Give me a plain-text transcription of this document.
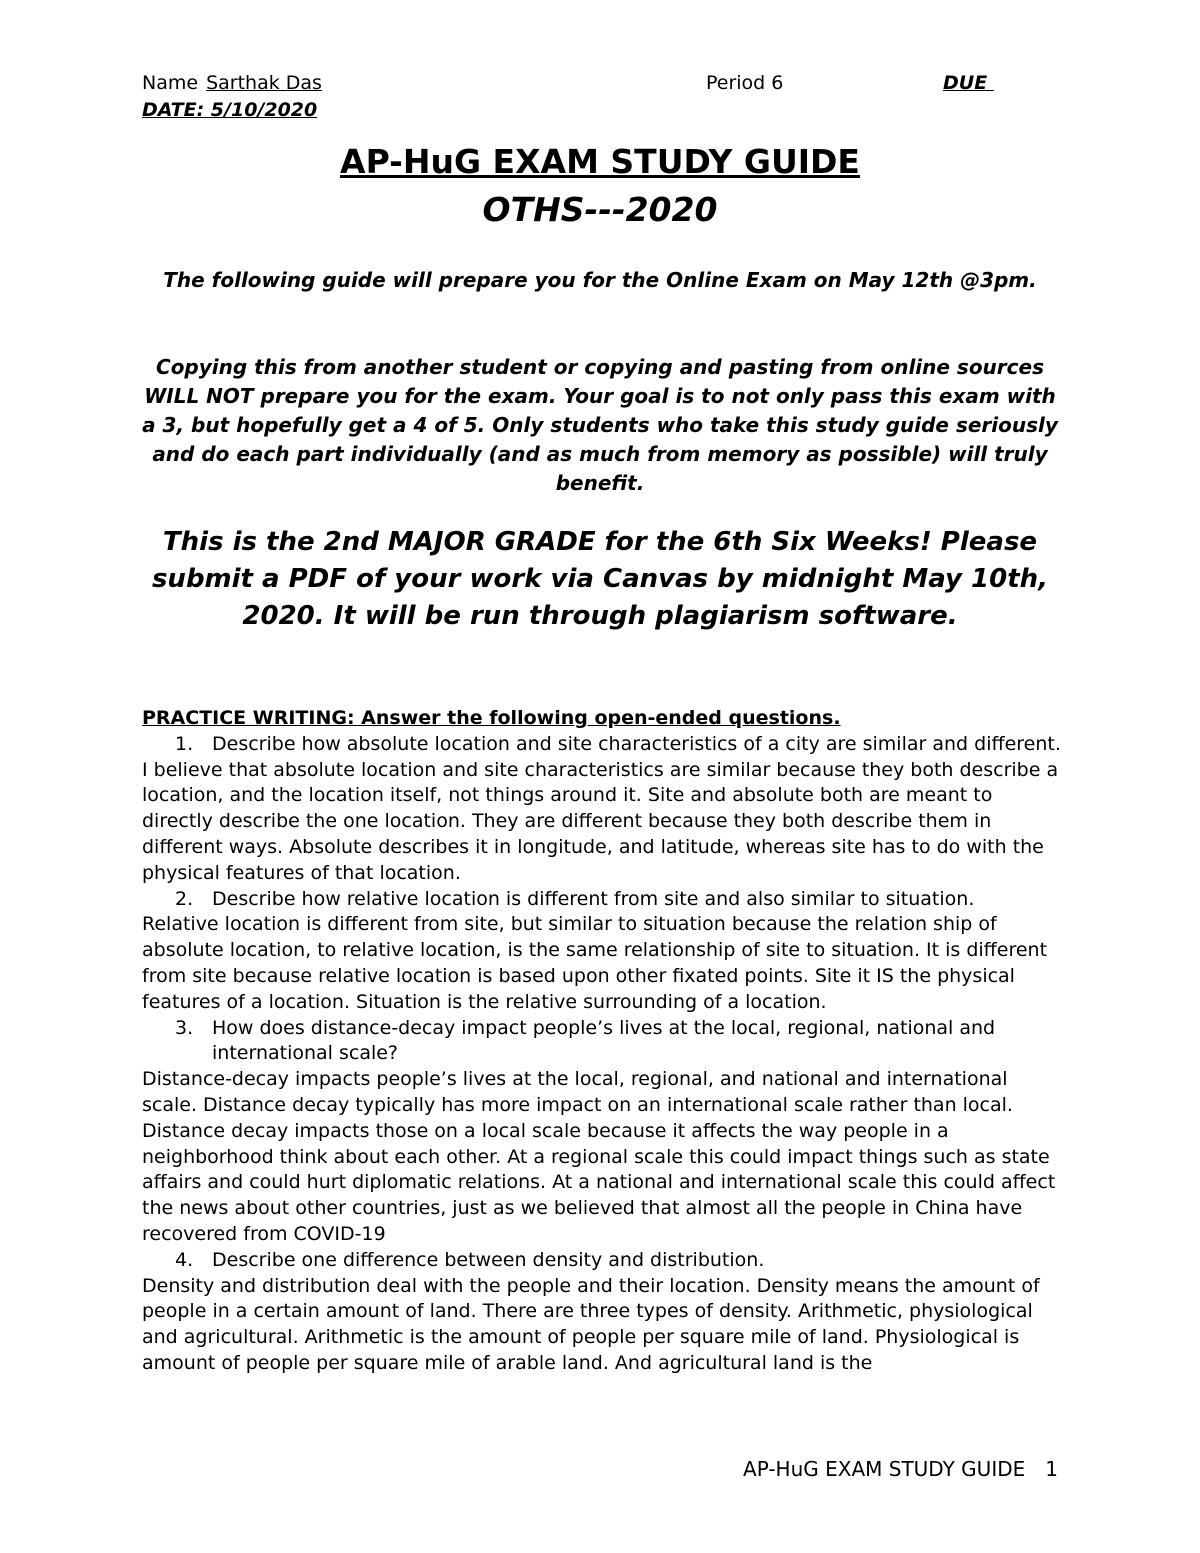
Name Sarthak Das	Period 6	DUE
DATE: 5/10/2020
AP-HuG EXAM STUDY GUIDE
OTHS---2020
The following guide will prepare you for the Online Exam on May 12th @3pm.
Copying this from another student or copying and pasting from online sources WILL NOT prepare you for the exam. Your goal is to not only pass this exam with a 3, but hopefully get a 4 of 5. Only students who take this study guide seriously and do each part individually (and as much from memory as possible) will truly benefit.
This is the 2nd MAJOR GRADE for the 6th Six Weeks! Please submit a PDF of your work via Canvas by midnight May 10th, 2020. It will be run through plagiarism software.

PRACTICE WRITING: Answer the following open-ended questions.

1. Describe how absolute location and site characteristics of a city are similar and different.

I believe that absolute location and site characteristics are similar because they both describe a location, and the location itself, not things around it. Site and absolute both are meant to directly describe the one location. They are different because they both describe them in different ways. Absolute describes it in longitude, and latitude, whereas site has to do with the physical features of that location.

2. Describe how relative location is different from site and also similar to situation.

Relative location is different from site, but similar to situation because the relation ship of absolute location, to relative location, is the same relationship of site to situation. It is different from site because relative location is based upon other fixated points. Site it IS the physical features of a location. Situation is the relative surrounding of a location.

3. How does distance-decay impact people’s lives at the local, regional, national and international scale?

Distance-decay impacts people’s lives at the local, regional, and national and international scale. Distance decay typically has more impact on an international scale rather than local. Distance decay impacts those on a local scale because it affects the way people in a neighborhood think about each other. At a regional scale this could impact things such as state affairs and could hurt diplomatic relations. At a national and international scale this could affect the news about other countries, just as we believed that almost all the people in China have recovered from COVID-19

4. Describe one difference between density and distribution.

Density and distribution deal with the people and their location. Density means the amount of people in a certain amount of land. There are three types of density. Arithmetic, physiological and agricultural. Arithmetic is the amount of people per square mile of land. Physiological is amount of people per square mile of arable land. And agricultural land is the

AP-HuG EXAM STUDY GUIDE 1
